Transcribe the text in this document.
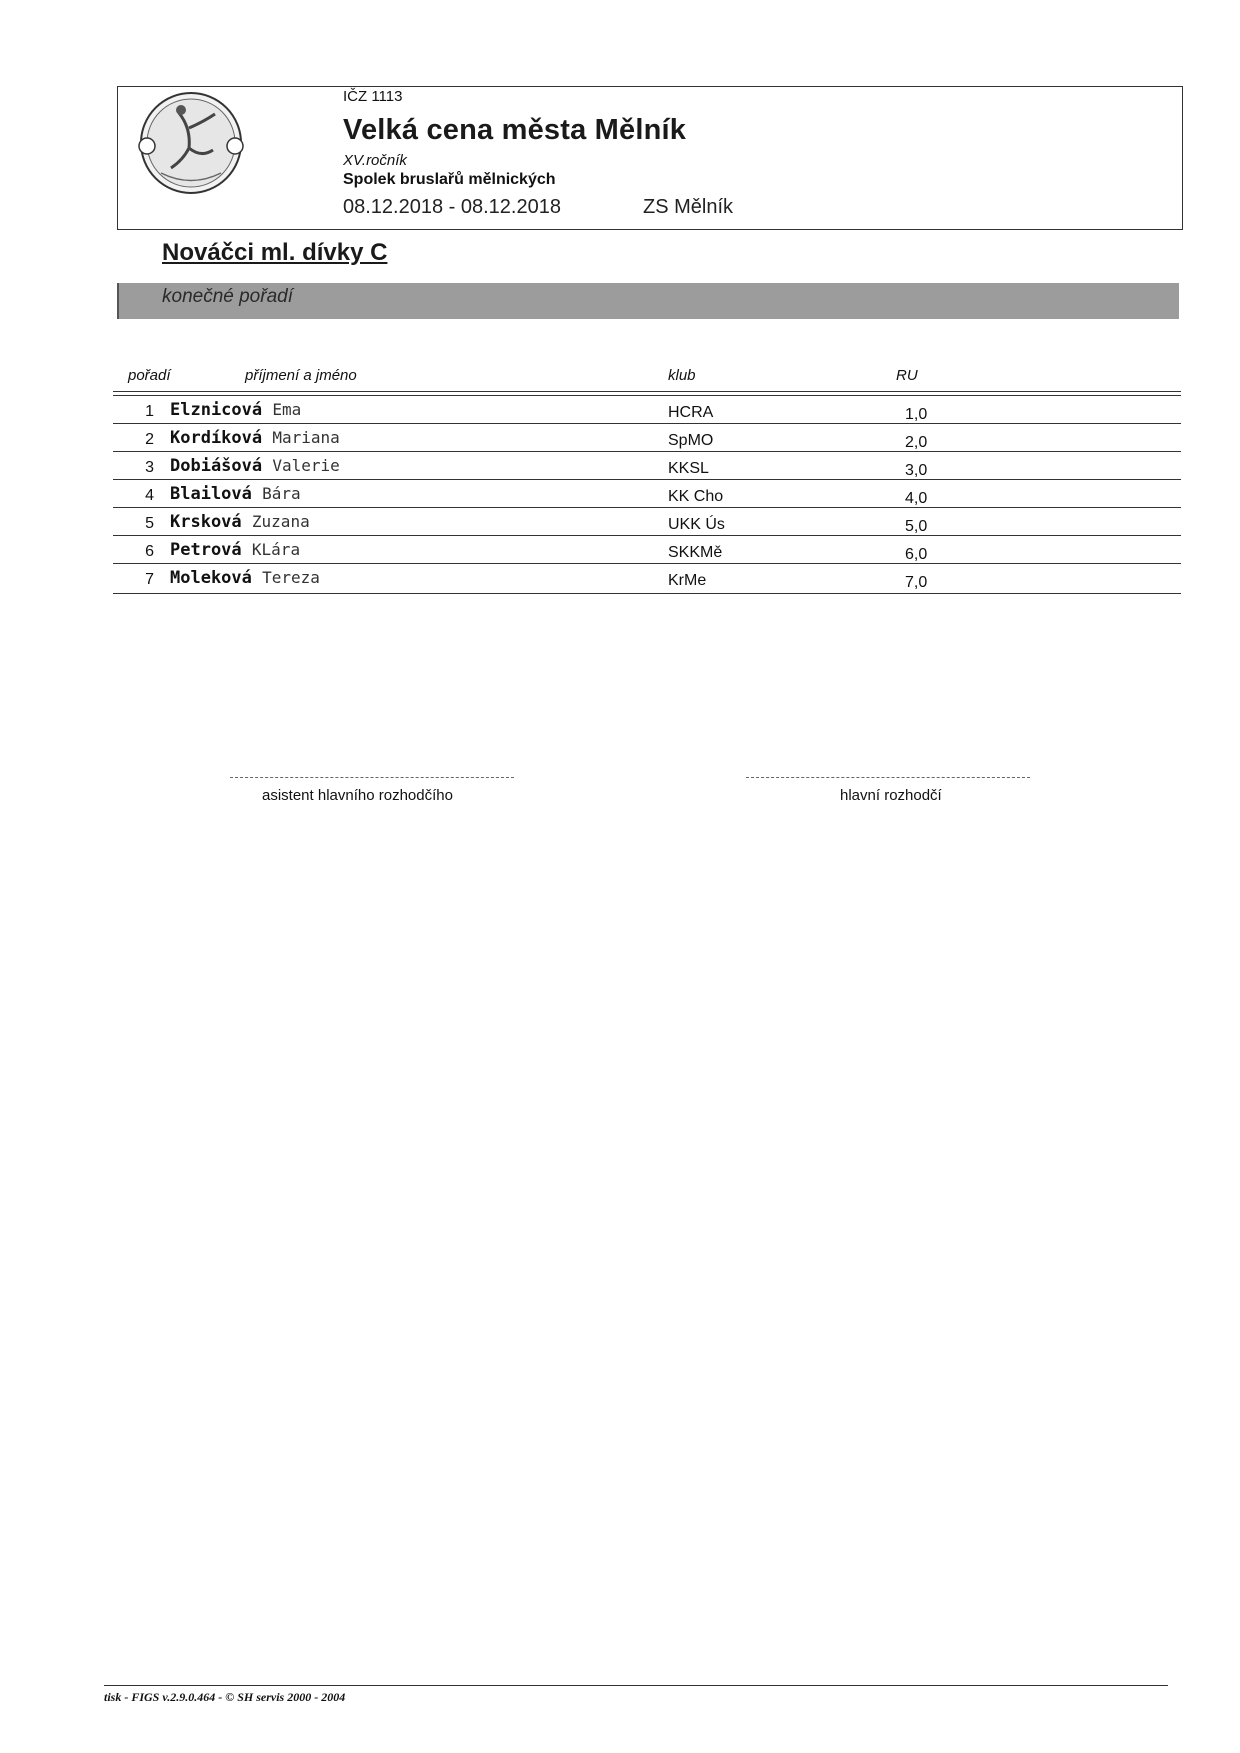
IČZ 1113
Velká cena města Mělník
XV.ročník
Spolek bruslařů mělnických
08.12.2018 - 08.12.2018	ZS Mělník
Nováčci ml. dívky C
konečné pořadí
pořadí	příjmení a jméno	klub	RU
1 Elznicová Ema	HCRA	1,0
2 Kordíková Mariana	SpMO	2,0
3 Dobiášová Valerie	KKSL	3,0
4 Blailová Bára	KK Cho	4,0
5 Krsková Zuzana	UKK Ús	5,0
6 Petrová KLára	SKKMě	6,0
7 Moleková Tereza	KrMe	7,0
asistent hlavního rozhodčího	hlavní rozhodčí
tisk - FIGS v.2.9.0.464 - © SH servis 2000 - 2004
